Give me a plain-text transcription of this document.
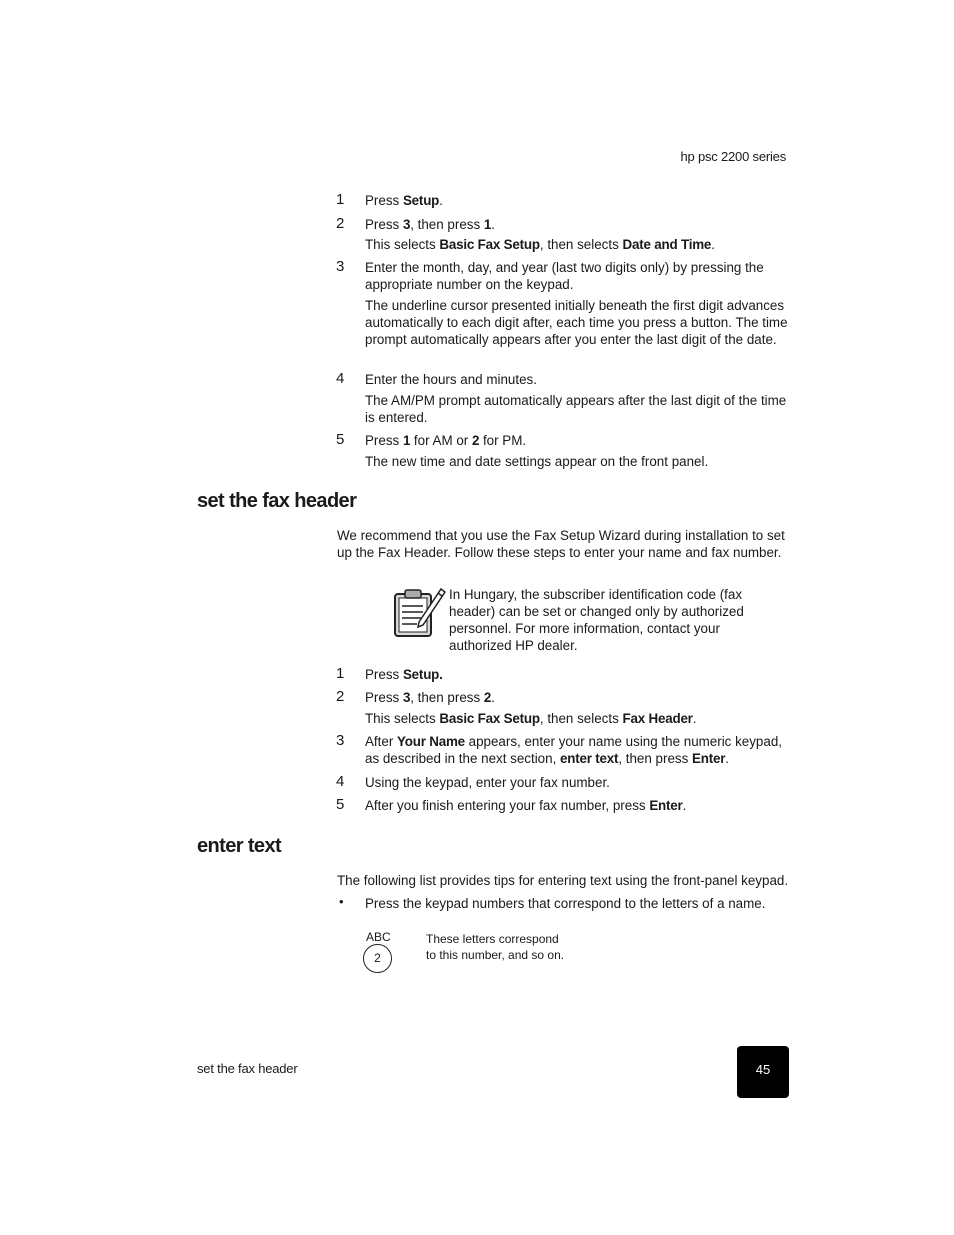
hp psc 2200 series
1 Press Setup.
2 Press 3, then press 1.
This selects Basic Fax Setup, then selects Date and Time.
3 Enter the month, day, and year (last two digits only) by pressing the appropriate number on the keypad.
The underline cursor presented initially beneath the first digit advances automatically to each digit after, each time you press a button. The time prompt automatically appears after you enter the last digit of the date.
4 Enter the hours and minutes.
The AM/PM prompt automatically appears after the last digit of the time is entered.
5 Press 1 for AM or 2 for PM.
The new time and date settings appear on the front panel.
set the fax header
We recommend that you use the Fax Setup Wizard during installation to set up the Fax Header. Follow these steps to enter your name and fax number.
In Hungary, the subscriber identification code (fax header) can be set or changed only by authorized personnel. For more information, contact your authorized HP dealer.
1 Press Setup.
2 Press 3, then press 2.
This selects Basic Fax Setup, then selects Fax Header.
3 After Your Name appears, enter your name using the numeric keypad, as described in the next section, enter text, then press Enter.
4 Using the keypad, enter your fax number.
5 After you finish entering your fax number, press Enter.
enter text
The following list provides tips for entering text using the front-panel keypad.
• Press the keypad numbers that correspond to the letters of a name.
ABC
2
These letters correspond
to this number, and so on.
set the fax header	45
